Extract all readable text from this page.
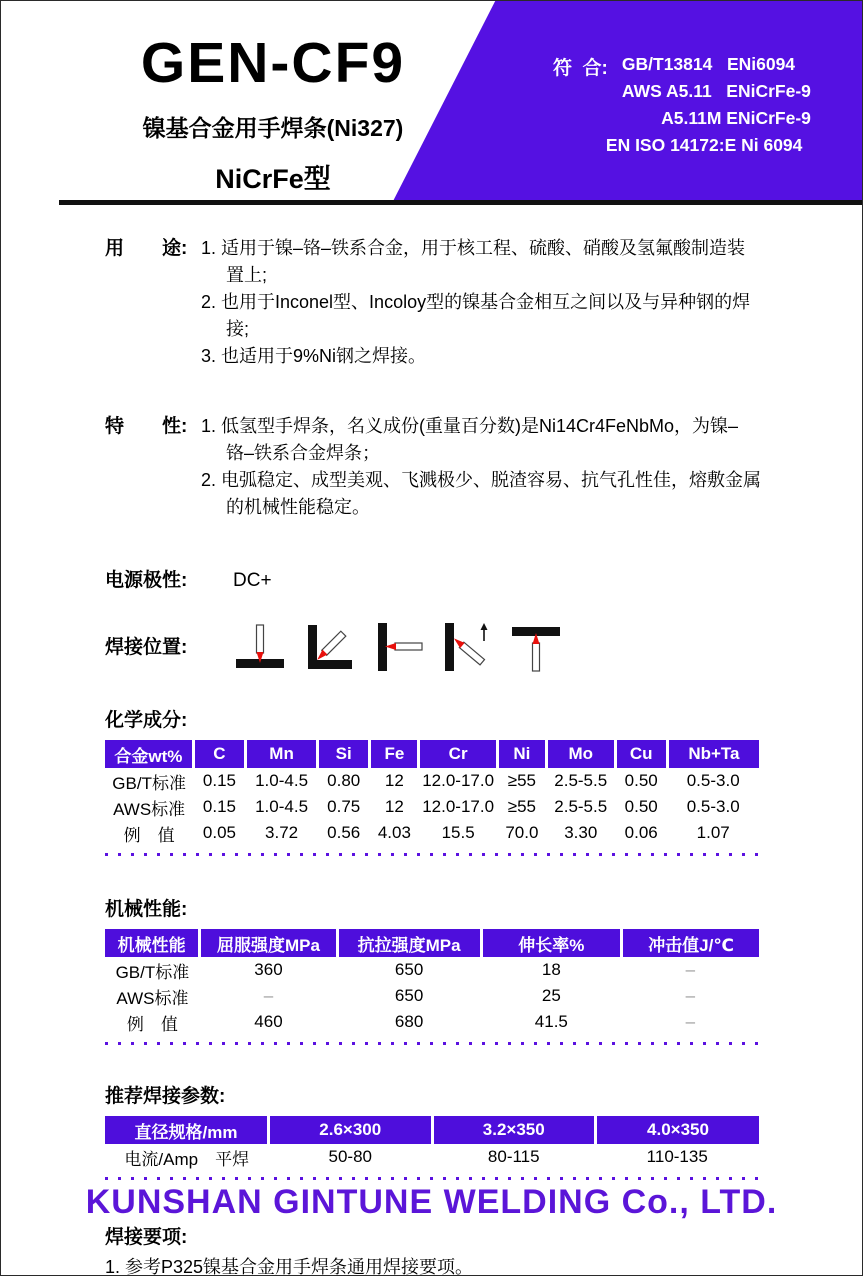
GEN-CF9
镍基合金用手焊条(Ni327)
NiCrFe型
符  合: GB/T13814   ENi6094
AWS A5.11   ENiCrFe-9
A5.11M ENiCrFe-9
EN ISO 14172:E Ni 6094
用　　途: 1. 适用于镍–铬–铁系合金，用于核工程、硫酸、硝酸及氢氟酸制造装置上;
2. 也用于Inconel型、Incoloy型的镍基合金相互之间以及与异种钢的焊接;
3. 也适用于9%Ni钢之焊接。
特　　性: 1. 低氢型手焊条，名义成份(重量百分数)是Ni14Cr4FeNbMo，为镍–铬–铁系合金焊条；
2. 电弧稳定、成型美观、飞溅极少、脱渣容易、抗气孔性佳，熔敷金属的机械性能稳定。
电源极性:	DC+
焊接位置:
化学成分:
合金wt%	C	Mn	Si	Fe	Cr	Ni	Mo	Cu	Nb+Ta
GB/T标准	0.15	1.0-4.5	0.80	12	12.0-17.0	≥55	2.5-5.5	0.50	0.5-3.0
AWS标准	0.15	1.0-4.5	0.75	12	12.0-17.0	≥55	2.5-5.5	0.50	0.5-3.0
例　值	0.05	3.72	0.56	4.03	15.5	70.0	3.30	0.06	1.07
机械性能:
机械性能	屈服强度MPa	抗拉强度MPa	伸长率%	冲击值J/℃
GB/T标准	360	650	18	–
AWS标准	–	650	25	–
例　值	460	680	41.5	–
推荐焊接参数:
直径规格/mm	2.6×300	3.2×350	4.0×350
电流/Amp　平焊	50-80	80-115	110-135
焊接要项:
1. 参考P325镍基合金用手焊条通用焊接要项。
KUNSHAN GINTUNE WELDING Co., LTD.
